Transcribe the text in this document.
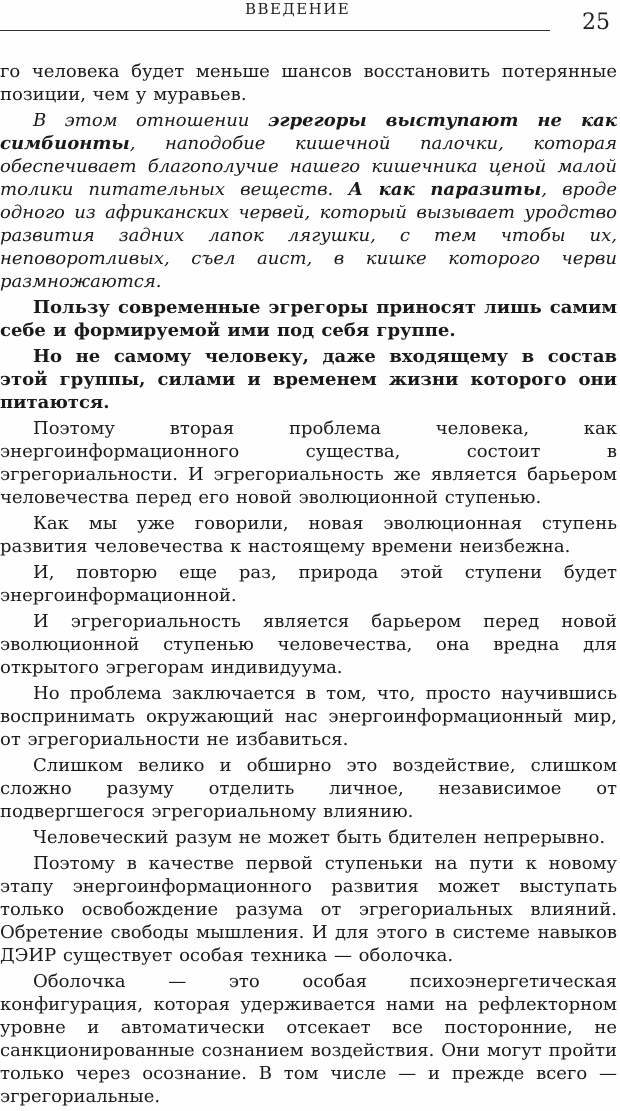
ВВЕДЕНИЕ
25

го человека будет меньше шансов восстановить потерянные позиции, чем у муравьев.

В этом отношении эгрегоры выступают не как симбионты, наподобие кишечной палочки, которая обеспечивает благополучие нашего кишечника ценой малой толики питательных веществ. А как паразиты, вроде одного из африканских червей, который вызывает уродство развития задних лапок лягушки, с тем чтобы их, неповоротливых, съел аист, в кишке которого черви размножаются.

Пользу современные эгрегоры приносят лишь самим себе и формируемой ими под себя группе.

Но не самому человеку, даже входящему в состав этой группы, силами и временем жизни которого они питаются.

Поэтому вторая проблема человека, как энергоинформационного существа, состоит в эгрегориальности. И эгрегориальность же является барьером человечества перед его новой эволюционной ступенью.

Как мы уже говорили, новая эволюционная ступень развития человечества к настоящему времени неизбежна.

И, повторю еще раз, природа этой ступени будет энергоинформационной.

И эгрегориальность является барьером перед новой эволюционной ступенью человечества, она вредна для открытого эгрегорам индивидуума.

Но проблема заключается в том, что, просто научившись воспринимать окружающий нас энергоинформационный мир, от эгрегориальности не избавиться.

Слишком велико и обширно это воздействие, слишком сложно разуму отделить личное, независимое от подвергшегося эгрегориальному влиянию.

Человеческий разум не может быть бдителен непрерывно.

Поэтому в качестве первой ступеньки на пути к новому этапу энергоинформационного развития может выступать только освобождение разума от эгрегориальных влияний. Обретение свободы мышления. И для этого в системе навыков ДЭИР существует особая техника — оболочка.

Оболочка — это особая психоэнергетическая конфигурация, которая удерживается нами на рефлекторном уровне и автоматически отсекает все посторонние, не санкционированные сознанием воздействия. Они могут пройти только через осознание. В том числе — и прежде всего — эгрегориальные.
